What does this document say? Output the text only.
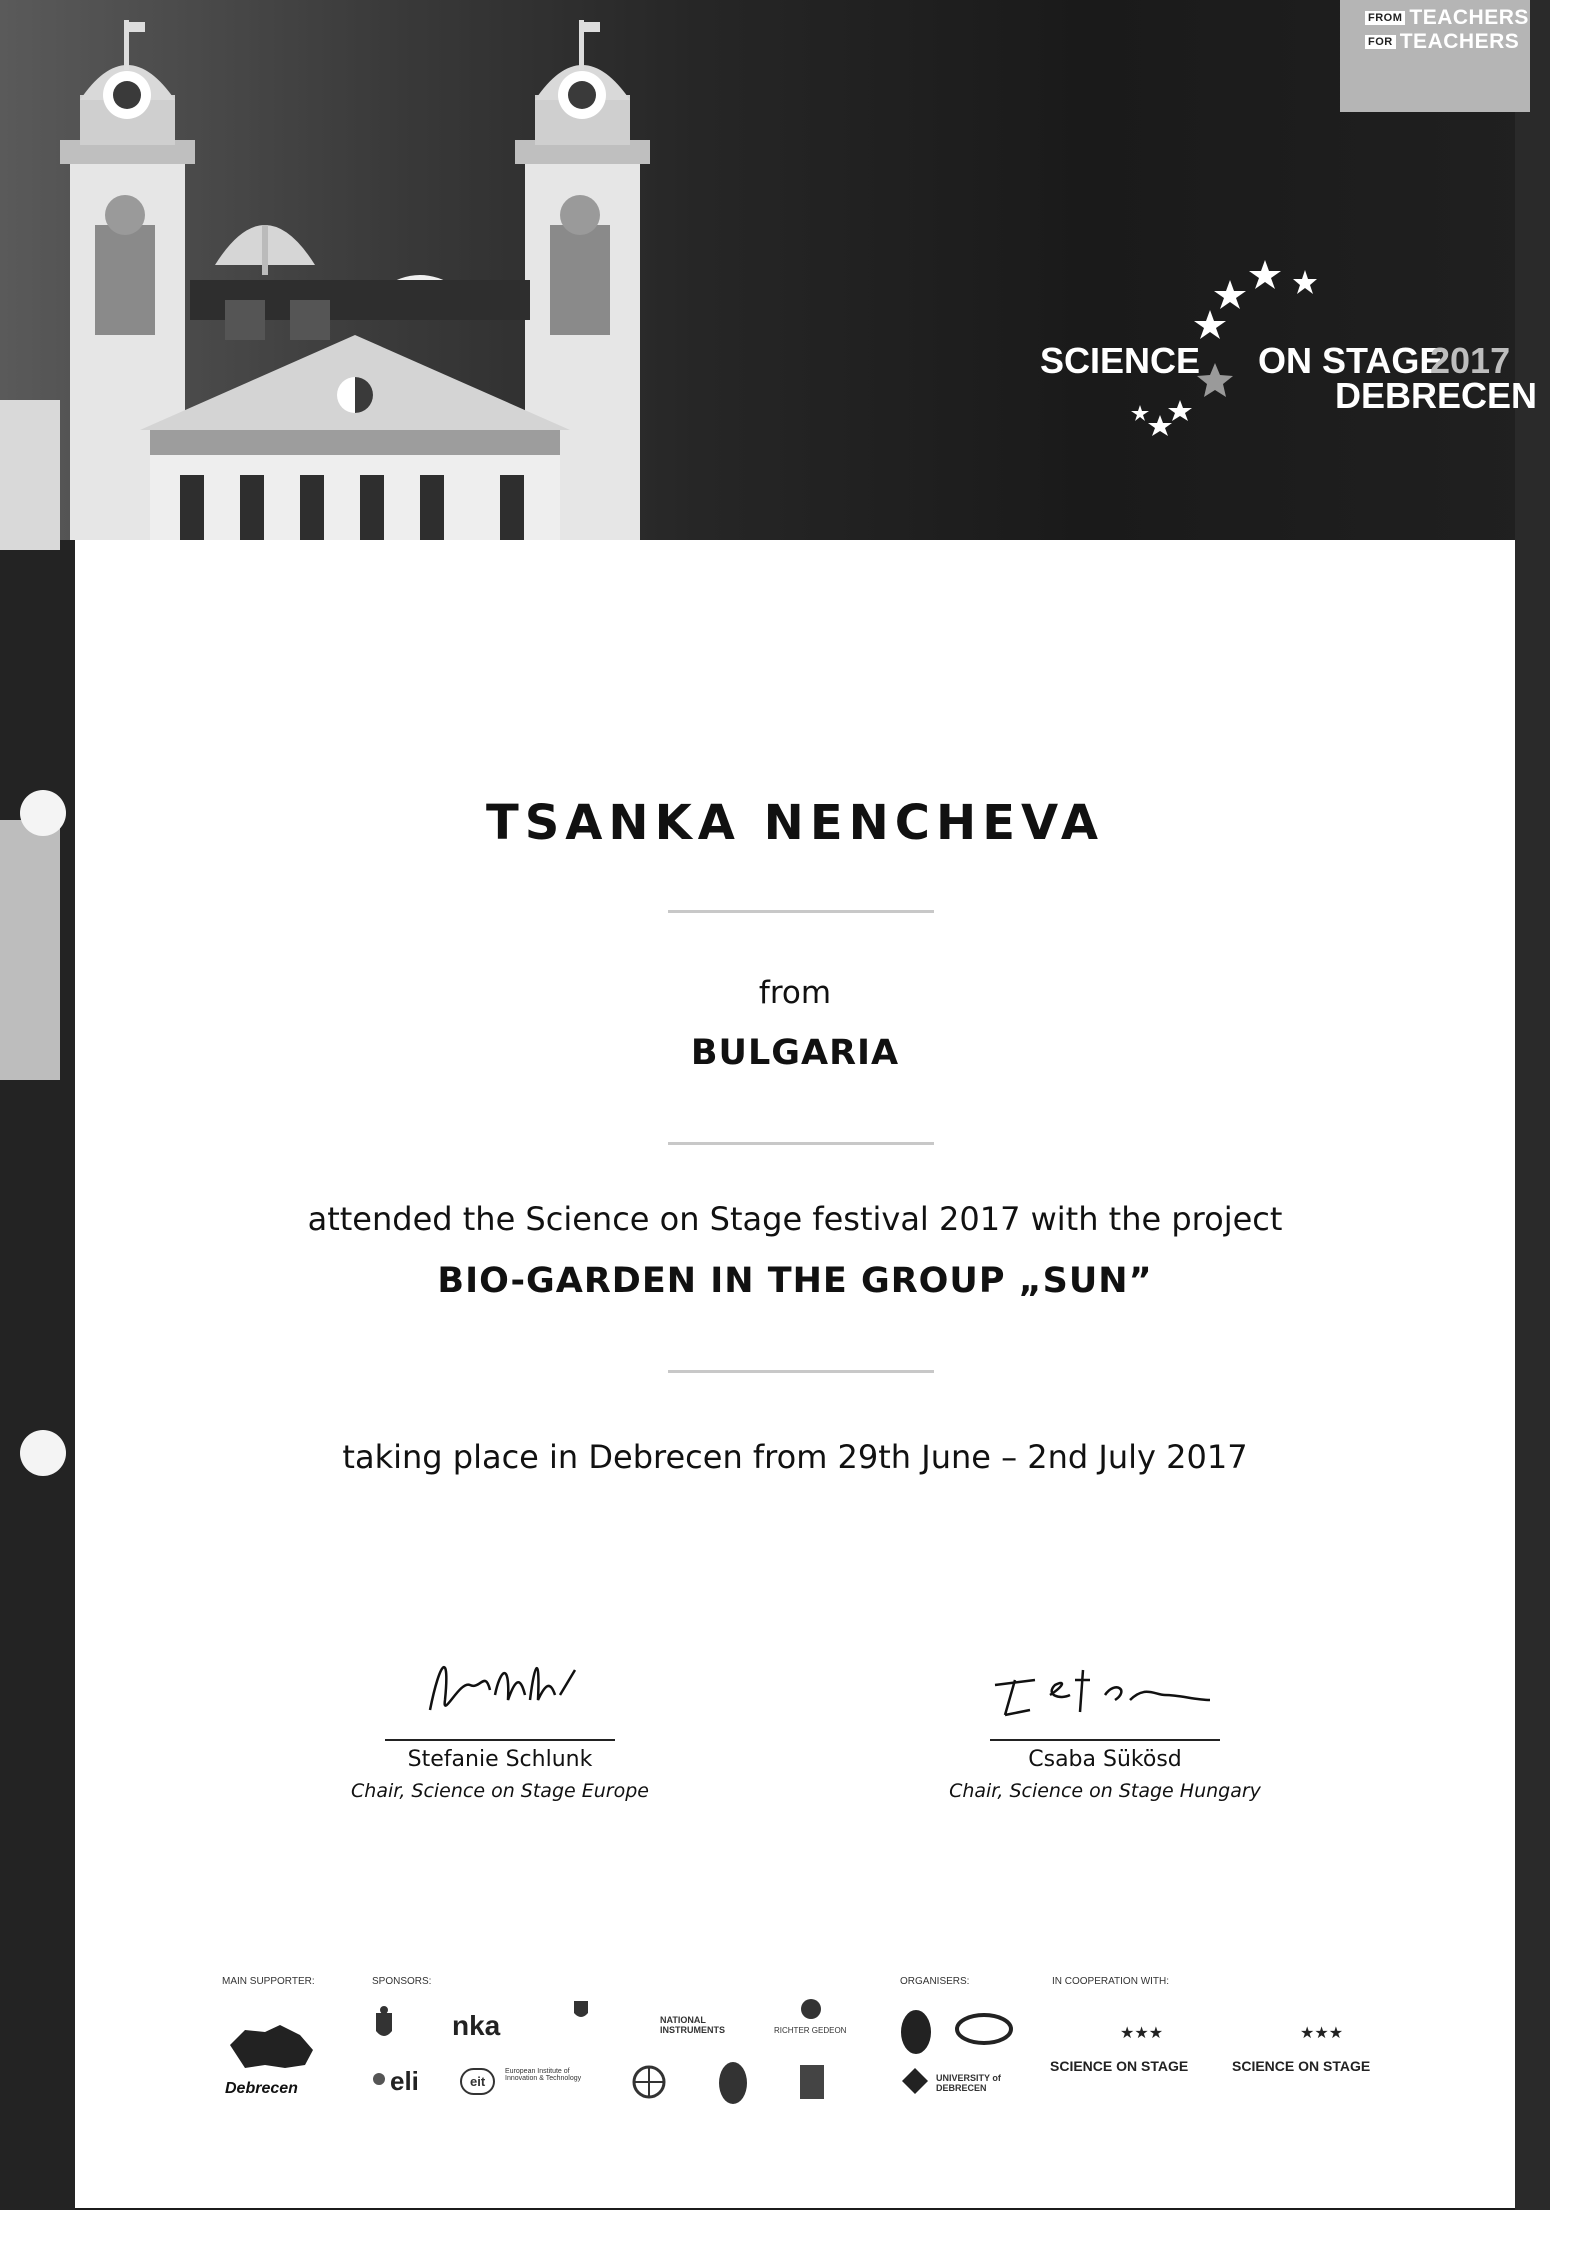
FROM TEACHERS
FOR TEACHERS
SCIENCE ON STAGE
2017
DEBRECEN
TSANKA NENCHEVA
from
BULGARIA
attended the Science on Stage festival 2017 with the project
BIO-GARDEN IN THE GROUP „SUN”
taking place in Debrecen from 29th June – 2nd July 2017
Stefanie Schlunk
Chair, Science on Stage Europe
Csaba Sükösd
Chair, Science on Stage Hungary
MAIN SUPPORTER:	SPONSORS:	ORGANISERS:	IN COOPERATION WITH:
Debrecen
nka	NATIONAL INSTRUMENTS	RICHTER GEDEON
eli	eit
European Institute of Innovation & Technology	UNIVERSITY of DEBRECEN
★★★
SCIENCE ON STAGE
★★★
SCIENCE ON STAGE
